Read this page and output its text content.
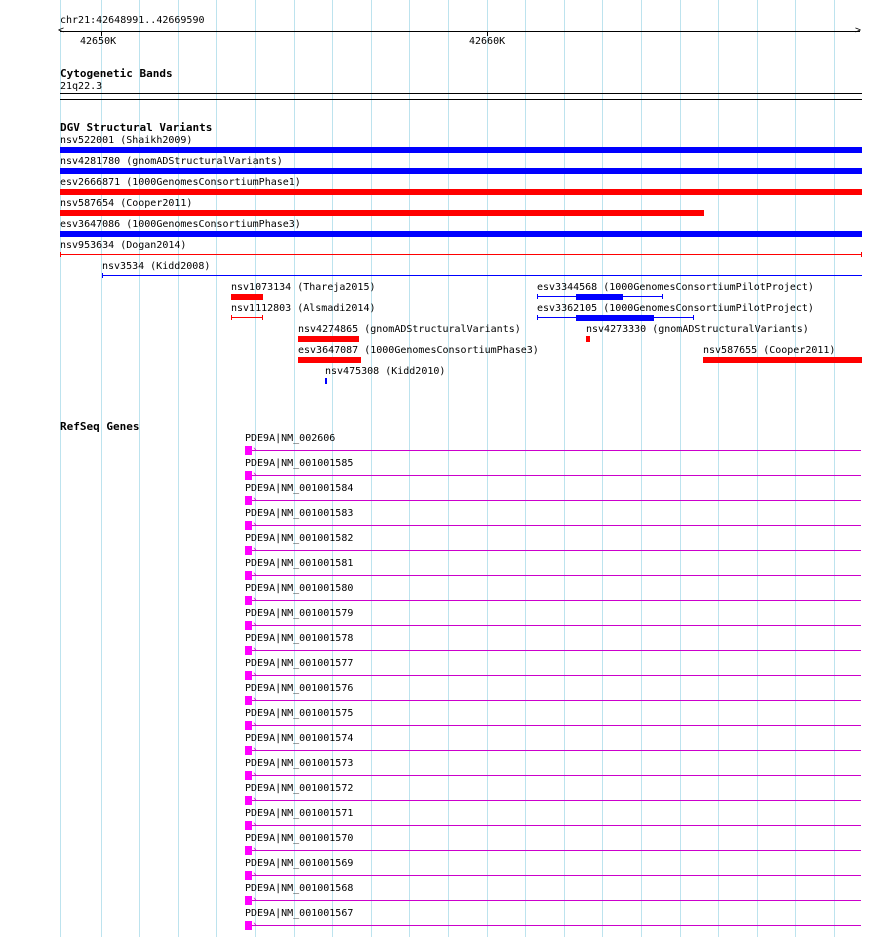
chr21:42648991..42669590
<	>
42650K	42660K
Cytogenetic Bands
21q22.3
DGV Structural Variants
nsv522001 (Shaikh2009)
nsv4281780 (gnomADStructuralVariants)
esv2666871 (1000GenomesConsortiumPhase1)
nsv587654 (Cooper2011)
esv3647086 (1000GenomesConsortiumPhase3)
nsv953634 (Dogan2014)
nsv3534 (Kidd2008)
nsv1073134 (Thareja2015)
nsv1112803 (Alsmadi2014)
nsv4274865 (gnomADStructuralVariants)
esv3647087 (1000GenomesConsortiumPhase3)
nsv475308 (Kidd2010)
esv3344568 (1000GenomesConsortiumPilotProject)
esv3362105 (1000GenomesConsortiumPilotProject)
nsv4273330 (gnomADStructuralVariants)
nsv587655 (Cooper2011)
RefSeq Genes
PDE9A|NM_002606
PDE9A|NM_001001585
PDE9A|NM_001001584
PDE9A|NM_001001583
PDE9A|NM_001001582
PDE9A|NM_001001581
PDE9A|NM_001001580
PDE9A|NM_001001579
PDE9A|NM_001001578
PDE9A|NM_001001577
PDE9A|NM_001001576
PDE9A|NM_001001575
PDE9A|NM_001001574
PDE9A|NM_001001573
PDE9A|NM_001001572
PDE9A|NM_001001571
PDE9A|NM_001001570
PDE9A|NM_001001569
PDE9A|NM_001001568
PDE9A|NM_001001567
